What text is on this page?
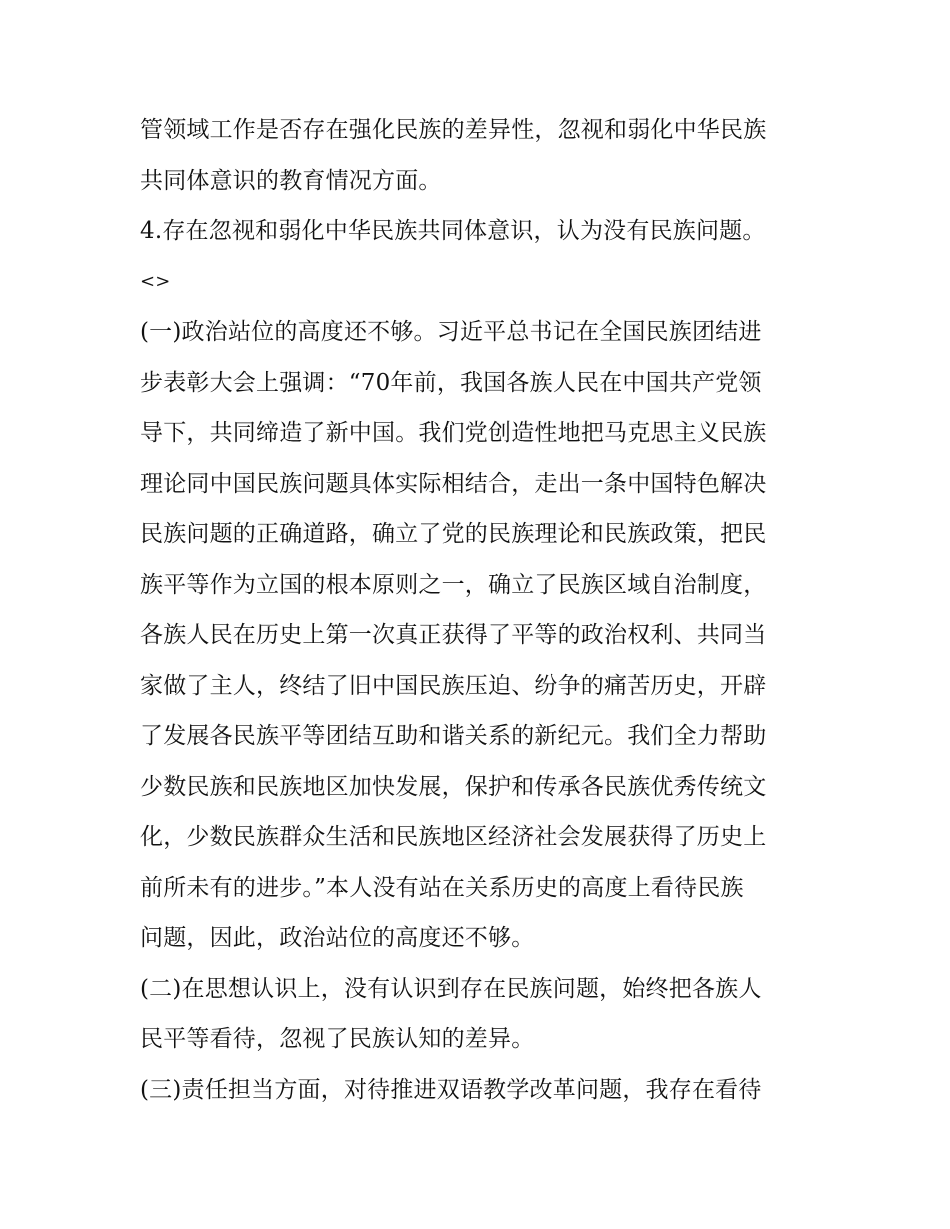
管领域工作是否存在强化民族的差异性，忽视和弱化中华民族
共同体意识的教育情况方面。
4.存在忽视和弱化中华民族共同体意识，认为没有民族问题。
<>
(一)政治站位的高度还不够。习近平总书记在全国民族团结进
步表彰大会上强调：“70年前，我国各族人民在中国共产党领
导下，共同缔造了新中国。我们党创造性地把马克思主义民族
理论同中国民族问题具体实际相结合，走出一条中国特色解决
民族问题的正确道路，确立了党的民族理论和民族政策，把民
族平等作为立国的根本原则之一，确立了民族区域自治制度，
各族人民在历史上第一次真正获得了平等的政治权利、共同当
家做了主人，终结了旧中国民族压迫、纷争的痛苦历史，开辟
了发展各民族平等团结互助和谐关系的新纪元。我们全力帮助
少数民族和民族地区加快发展，保护和传承各民族优秀传统文
化，少数民族群众生活和民族地区经济社会发展获得了历史上
前所未有的进步。”本人没有站在关系历史的高度上看待民族
问题，因此，政治站位的高度还不够。
(二)在思想认识上，没有认识到存在民族问题，始终把各族人
民平等看待，忽视了民族认知的差异。
(三)责任担当方面，对待推进双语教学改革问题，我存在看待
